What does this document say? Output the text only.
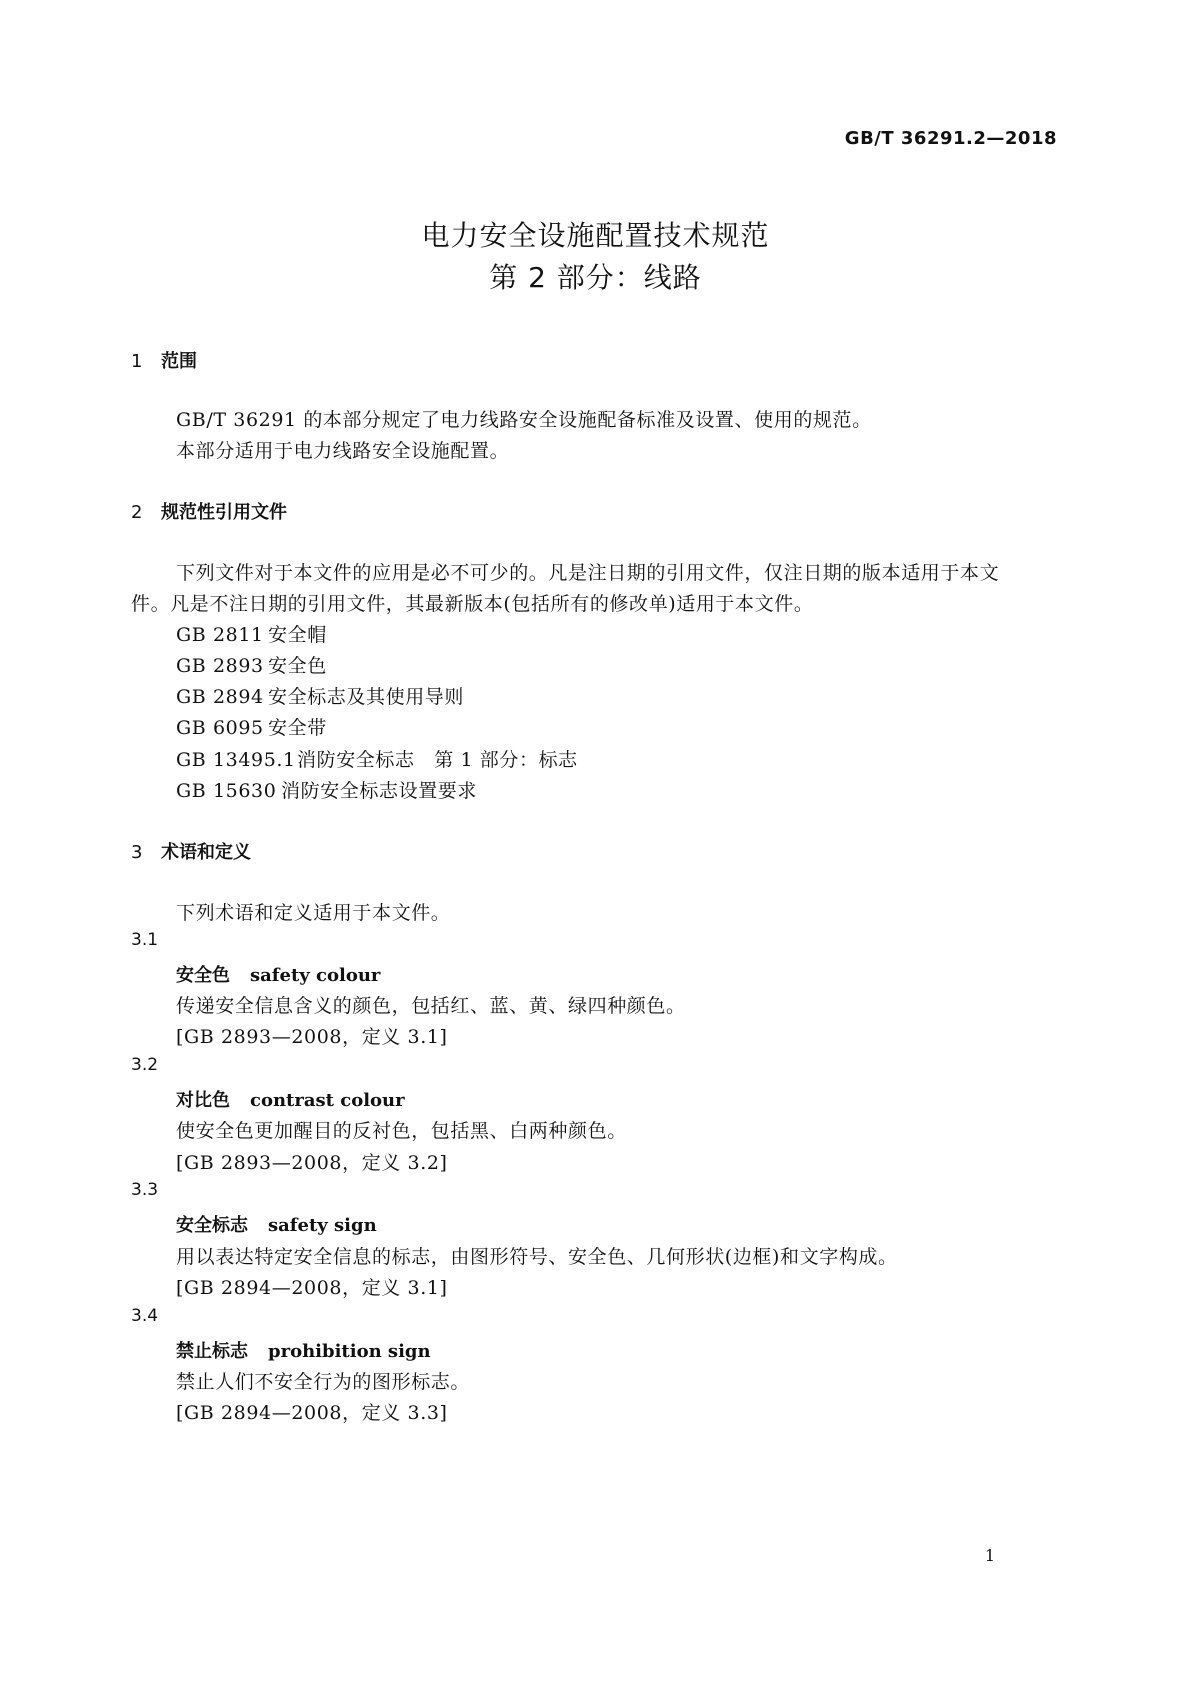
GB/T 36291.2—2018
电力安全设施配置技术规范
第 2 部分：线路
1 范围
GB/T 36291 的本部分规定了电力线路安全设施配备标准及设置、使用的规范。
本部分适用于电力线路安全设施配置。
2 规范性引用文件
下列文件对于本文件的应用是必不可少的。凡是注日期的引用文件，仅注日期的版本适用于本文
件。凡是不注日期的引用文件，其最新版本(包括所有的修改单)适用于本文件。
GB 2811 安全帽
GB 2893 安全色
GB 2894 安全标志及其使用导则
GB 6095 安全带
GB 13495.1消防安全标志　第 1 部分：标志
GB 15630 消防安全标志设置要求
3 术语和定义
下列术语和定义适用于本文件。
3.1
安全色 safety colour
传递安全信息含义的颜色，包括红、蓝、黄、绿四种颜色。
[GB 2893—2008，定义 3.1]
3.2
对比色 contrast colour
使安全色更加醒目的反衬色，包括黑、白两种颜色。
[GB 2893—2008，定义 3.2]
3.3
安全标志 safety sign
用以表达特定安全信息的标志，由图形符号、安全色、几何形状(边框)和文字构成。
[GB 2894—2008，定义 3.1]
3.4
禁止标志 prohibition sign
禁止人们不安全行为的图形标志。
[GB 2894—2008，定义 3.3]
1
